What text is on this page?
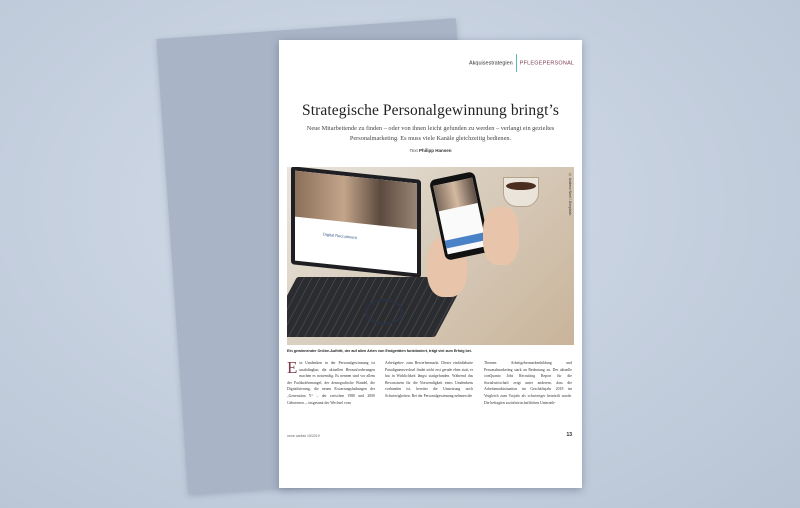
Akquisestrategien PFLEGEPERSONAL
Strategische Personalgewinnung bringt’s
Neue Mitarbeitende zu finden – oder von ihnen leicht gefunden zu werden – verlangt ein gezieltes Personalmarketing. Es muss viele Kanäle gleichzeitig bedienen.
Text Philipp Hansen
Digital Recruitment
© Andrew Neel / Unsplash
Ein gewinnender Online-Auftritt, der auf allen Arten von Endgeräten funktioniert, trägt viel zum Erfolg bei.
Ein Umdenken in der Personalgewinnung ist unabdingbar, die aktuellen Herausforderungen machen es notwendig. Es nennen sind vor allem der Fachkräftemangel, der demografische Wandel, die Digitalisierung, die neuen Erwartungshaltungen der „Generation Y“ – der zwischen 1980 und 2000 Geborenen –, insgesamt der Wechsel vom
Arbeitgeber- zum Bewerbermarkt. Dieser einfädiebarte Paradigmenwechsel findet nicht erst gerade eben statt, er hat in Wirklichkeit längst stattgefunden. Während das Bewusstsein für die Notwendigkeit eines Umdenkens vorhanden ist, bereitet die Umsetzung noch Schwierigkeiten. Bei der Personalgewinnung nehmen die
Themen Arbeitgebermarkenbildung und Personalmarketing stark an Bedeutung zu. Der aktuelle conQuanto Jobs Recruiting Report für die Sozialwirtschaft zeigt unter anderem, dass die Arbeitsmarktsituation im Geschäftsjahr 2018 im Vergleich zum Vorjahr als schwieriger beurteilt wurde. Die befragten sozialwirtschaftlichen Unterneh-
neue caritas 15/2019	13
